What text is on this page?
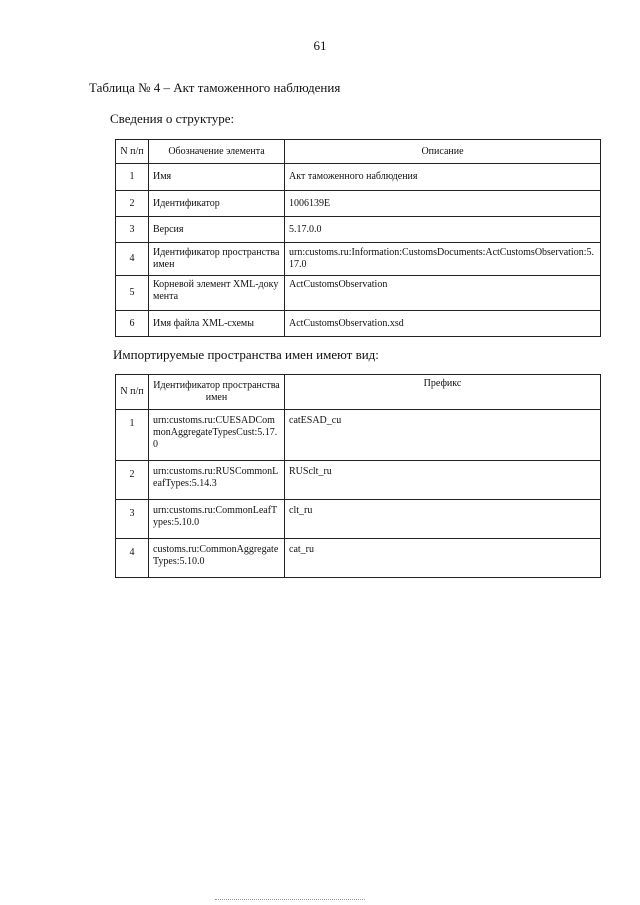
61
Таблица № 4 – Акт таможенного наблюдения
Сведения о структуре:
N п/п	Обозначение элемента	Описание
1	Имя	Акт таможенного наблюдения
2	Идентификатор	1006139E
3	Версия	5.17.0.0
4	Идентификатор пространства имен	urn:customs.ru:Information:CustomsDocuments:ActCustomsObservation:5.17.0
5	Корневой элемент XML-документа	ActCustomsObservation
6	Имя файла XML-схемы	ActCustomsObservation.xsd
Импортируемые пространства имен имеют вид:
N п/п	Идентификатор пространства имен	Префикс
1	urn:customs.ru:CUESADCommonAggregateTypesCust:5.17.0	catESAD_cu
2	urn:customs.ru:RUSCommonLeafTypes:5.14.3	RUSclt_ru
3	urn:customs.ru:CommonLeafTypes:5.10.0	clt_ru
4	customs.ru:CommonAggregateTypes:5.10.0	cat_ru
